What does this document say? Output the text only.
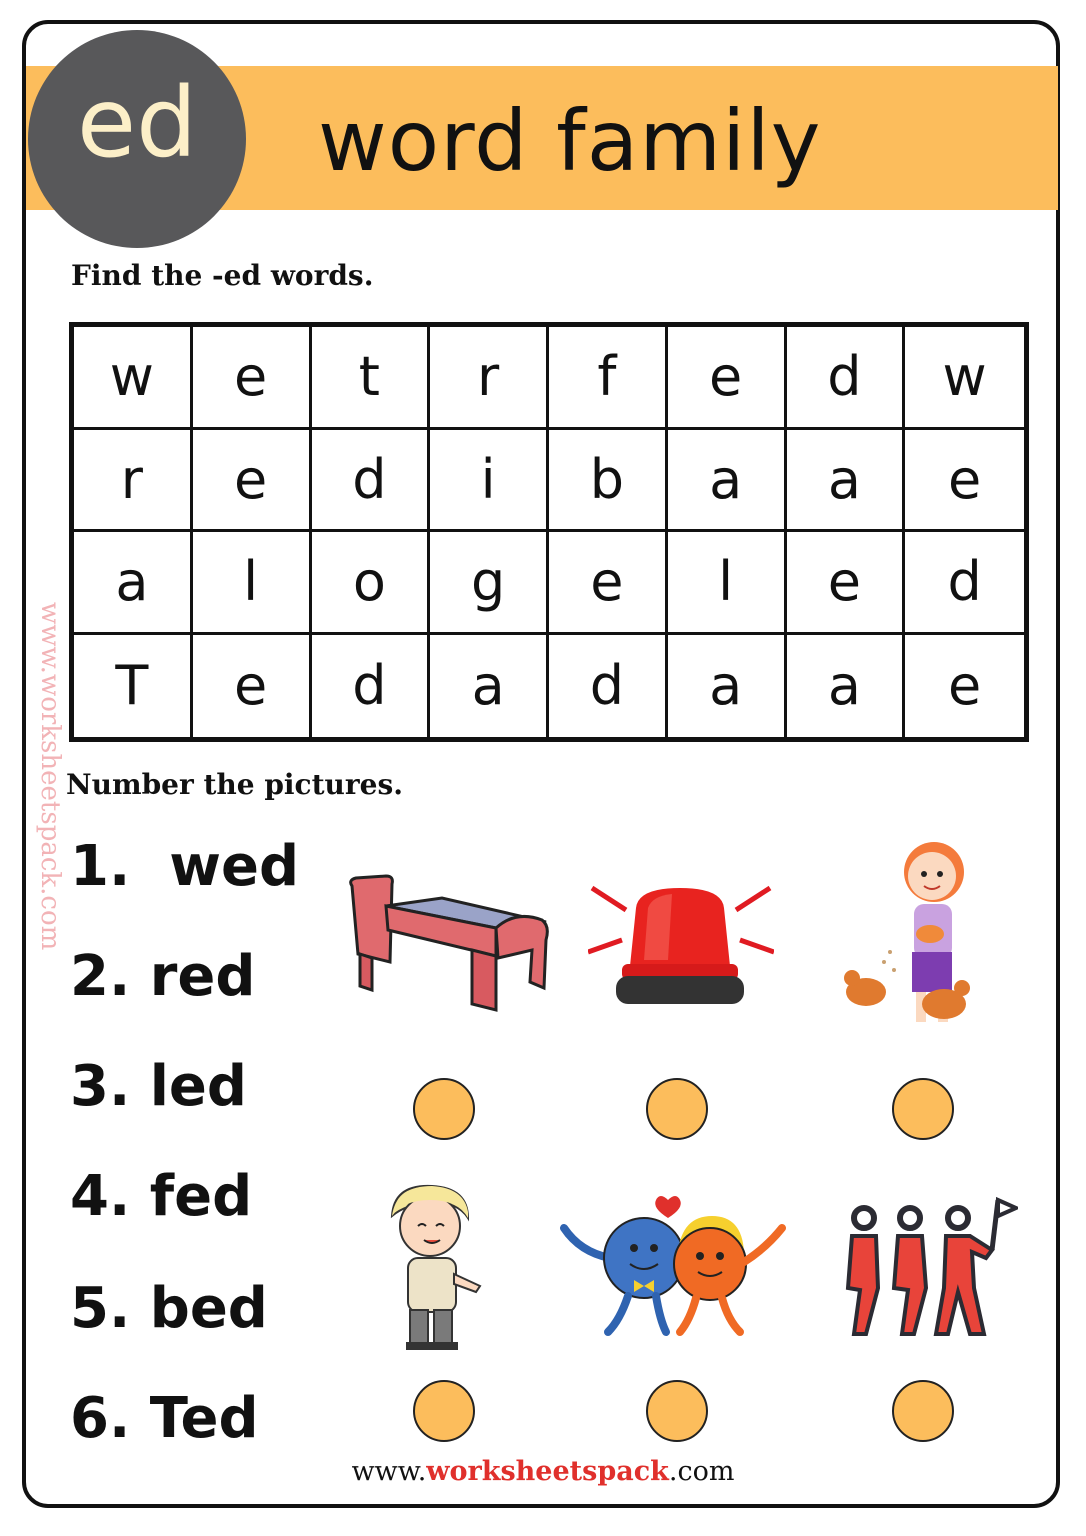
ed	word family
Find the -ed words.
w	e	t	r	f	e	d	w
r	e	d	i	b	a	a	e
a	l	o	g	e	l	e	d
T	e	d	a	d	a	a	e
Number the pictures.
1.  wed
2. red
3. led
4. fed
5. bed
6. Ted
www.worksheetspack.com
www.worksheetspack.com
